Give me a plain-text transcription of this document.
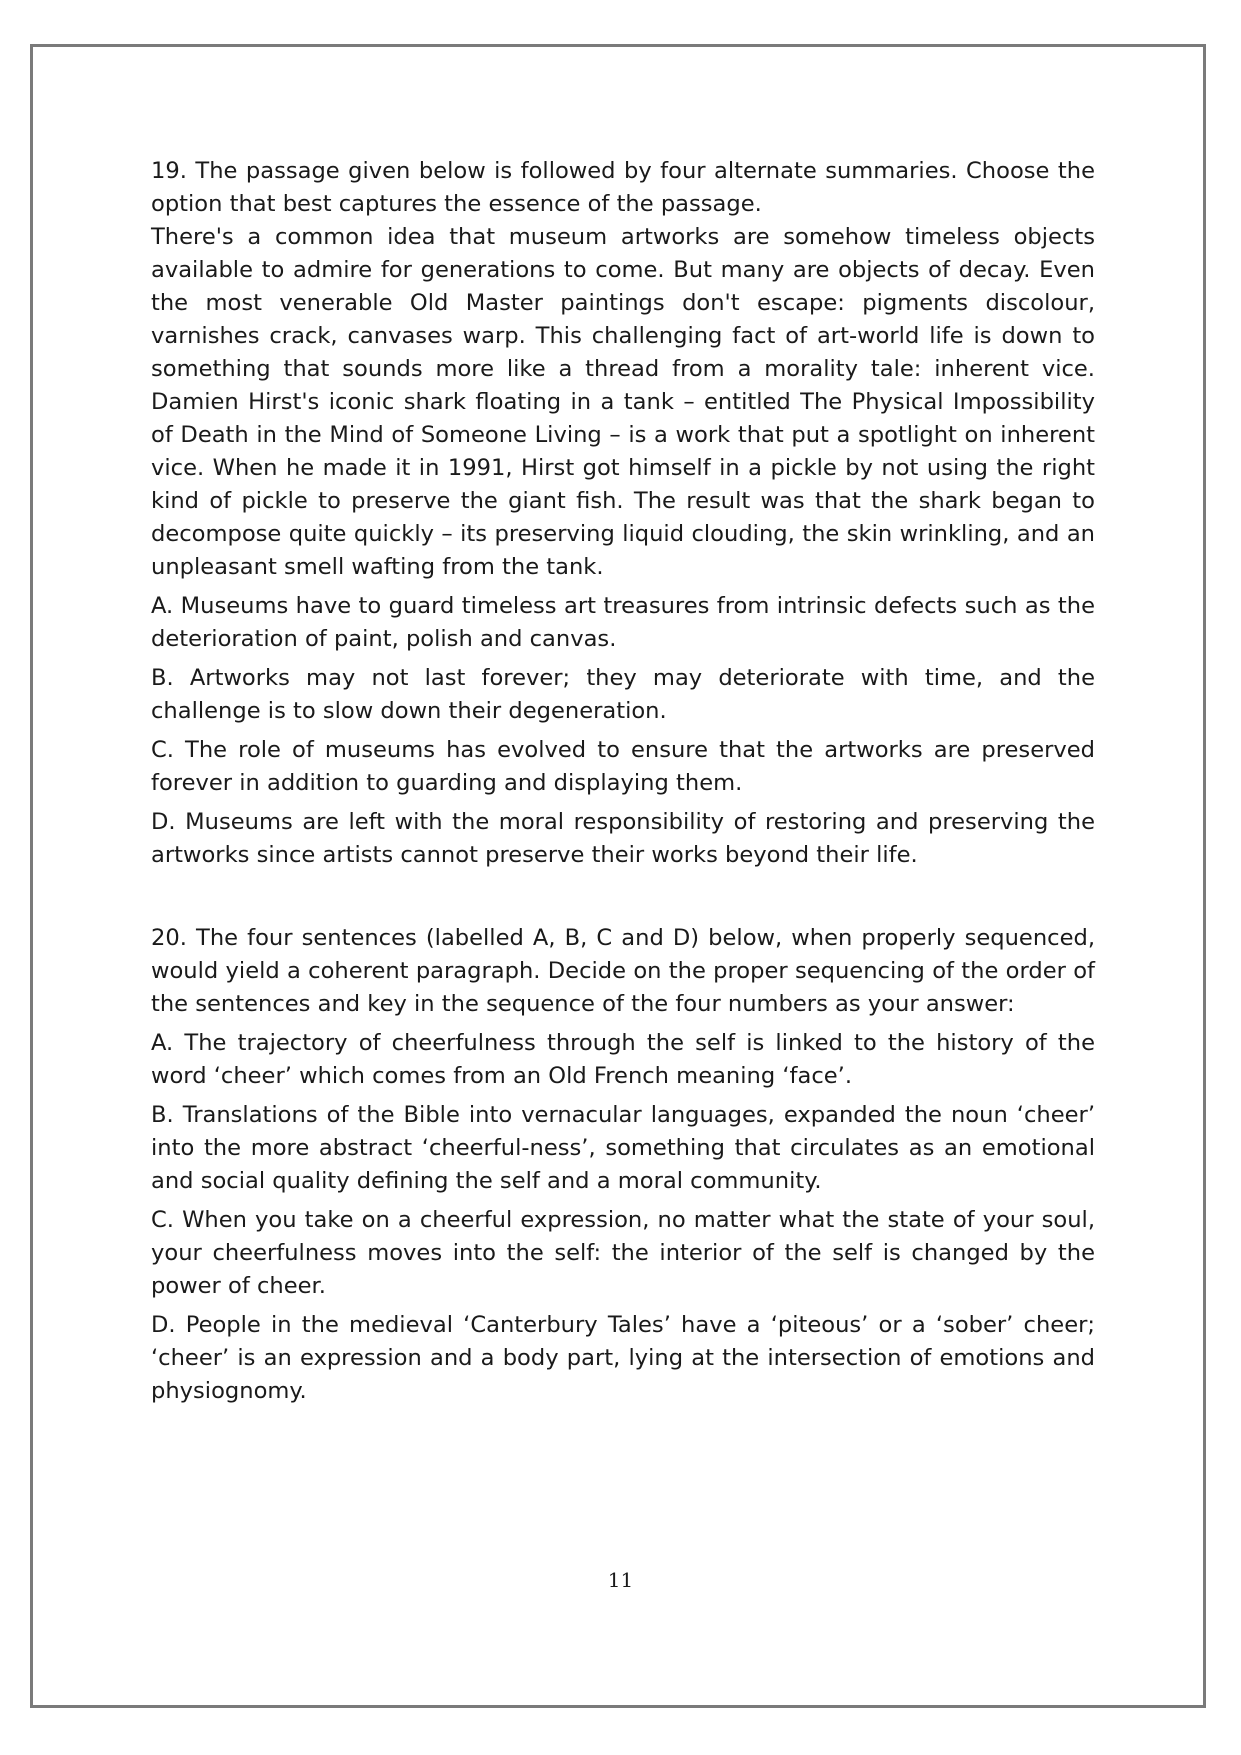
19. The passage given below is followed by four alternate summaries. Choose the option that best captures the essence of the passage.

There's a common idea that museum artworks are somehow timeless objects available to admire for generations to come. But many are objects of decay. Even the most venerable Old Master paintings don't escape: pigments discolour, varnishes crack, canvases warp. This challenging fact of art-world life is down to something that sounds more like a thread from a morality tale: inherent vice. Damien Hirst's iconic shark floating in a tank – entitled The Physical Impossibility of Death in the Mind of Someone Living – is a work that put a spotlight on inherent vice. When he made it in 1991, Hirst got himself in a pickle by not using the right kind of pickle to preserve the giant fish. The result was that the shark began to decompose quite quickly – its preserving liquid clouding, the skin wrinkling, and an unpleasant smell wafting from the tank.

A. Museums have to guard timeless art treasures from intrinsic defects such as the deterioration of paint, polish and canvas.

B. Artworks may not last forever; they may deteriorate with time, and the challenge is to slow down their degeneration.

C. The role of museums has evolved to ensure that the artworks are preserved forever in addition to guarding and displaying them.

D. Museums are left with the moral responsibility of restoring and preserving the artworks since artists cannot preserve their works beyond their life.

20. The four sentences (labelled A, B, C and D) below, when properly sequenced, would yield a coherent paragraph. Decide on the proper sequencing of the order of the sentences and key in the sequence of the four numbers as your answer:

A. The trajectory of cheerfulness through the self is linked to the history of the word ‘cheer’ which comes from an Old French meaning ‘face’.

B. Translations of the Bible into vernacular languages, expanded the noun ‘cheer’ into the more abstract ‘cheerful-ness’, something that circulates as an emotional and social quality defining the self and a moral community.

C. When you take on a cheerful expression, no matter what the state of your soul, your cheerfulness moves into the self: the interior of the self is changed by the power of cheer.

D. People in the medieval ‘Canterbury Tales’ have a ‘piteous’ or a ‘sober’ cheer; ‘cheer’ is an expression and a body part, lying at the intersection of emotions and physiognomy.

11
